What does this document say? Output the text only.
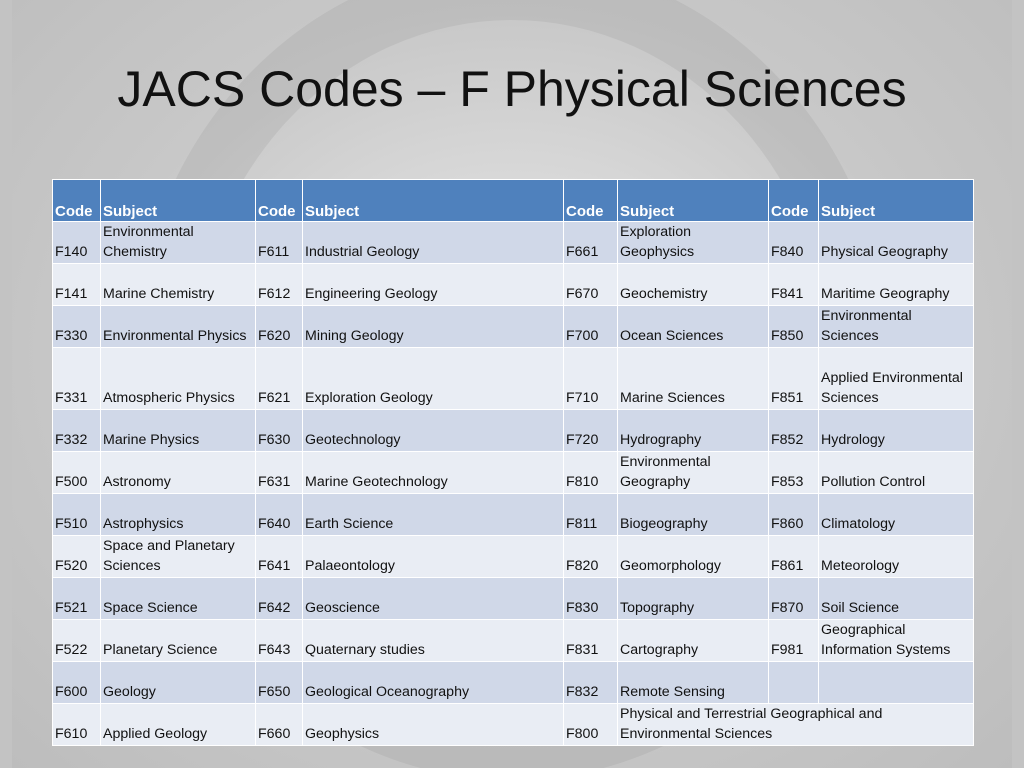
JACS Codes – F Physical Sciences
Code	Subject	Code	Subject	Code	Subject	Code	Subject
F140	Environmental Chemistry	F611	Industrial Geology	F661	Exploration Geophysics	F840	Physical Geography
F141	Marine Chemistry	F612	Engineering Geology	F670	Geochemistry	F841	Maritime Geography
F330	Environmental Physics	F620	Mining Geology	F700	Ocean Sciences	F850	Environmental Sciences
F331	Atmospheric Physics	F621	Exploration Geology	F710	Marine Sciences	F851	Applied Environmental Sciences
F332	Marine Physics	F630	Geotechnology	F720	Hydrography	F852	Hydrology
F500	Astronomy	F631	Marine Geotechnology	F810	Environmental Geography	F853	Pollution Control
F510	Astrophysics	F640	Earth Science	F811	Biogeography	F860	Climatology
F520	Space and Planetary Sciences	F641	Palaeontology	F820	Geomorphology	F861	Meteorology
F521	Space Science	F642	Geoscience	F830	Topography	F870	Soil Science
F522	Planetary Science	F643	Quaternary studies	F831	Cartography	F981	Geographical Information Systems
F600	Geology	F650	Geological Oceanography	F832	Remote Sensing		
F610	Applied Geology	F660	Geophysics	F800	Physical and Terrestrial Geographical and Environmental Sciences		
